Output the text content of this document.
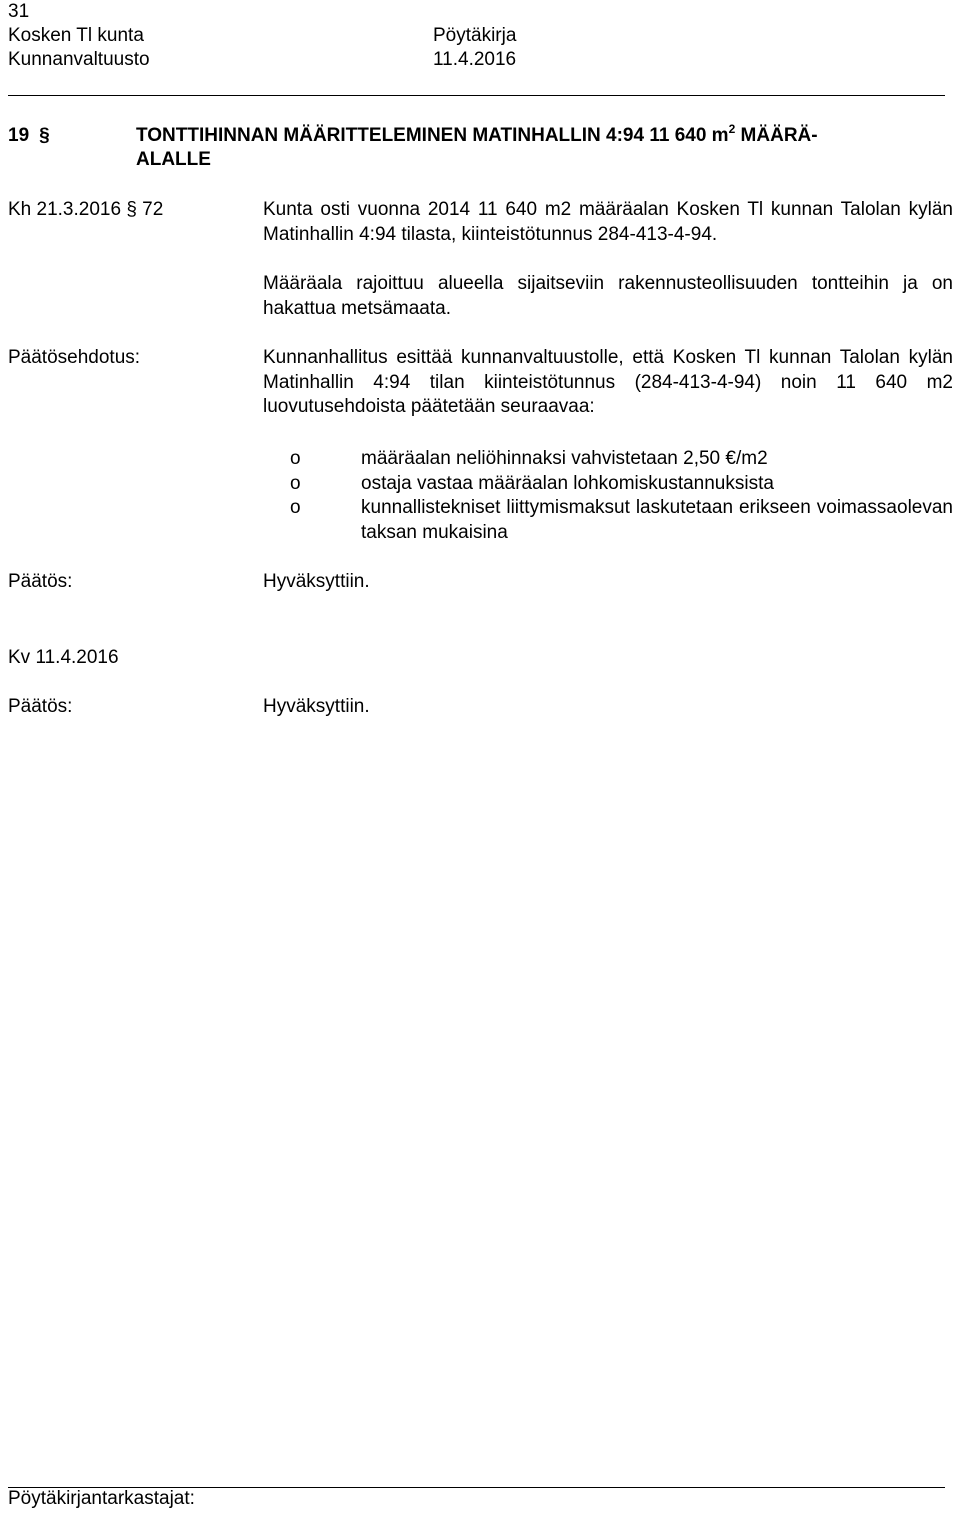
31
Kosken Tl kunta	Pöytäkirja
Kunnanvaltuusto	11.4.2016
19 §	TONTTIHINNAN MÄÄRITTELEMINEN MATINHALLIN 4:94 11 640 $m^2$ MÄÄRÄ-
ALALLE
Kh 21.3.2016 § 72	Kunta osti vuonna 2014 11 640 m2 määräalan Kosken Tl kunnan Talolan kylän Matinhallin 4:94 tilasta, kiinteistötunnus 284-413-4-94.
Määräala rajoittuu alueella sijaitseviin rakennusteollisuuden tontteihin ja on hakattua metsämaata.
Päätösehdotus:	Kunnanhallitus esittää kunnanvaltuustolle, että Kosken Tl kunnan Talolan kylän Matinhallin 4:94 tilan kiinteistötunnus (284-413-4-94) noin 11 640 m2 luovutusehdoista päätetään seuraavaa:
o	määräalan neliöhinnaksi vahvistetaan 2,50 €/m2
o	ostaja vastaa määräalan lohkomiskustannuksista
o	kunnallistekniset liittymismaksut laskutetaan erikseen voimassaolevan taksan mukaisina
Päätös:	Hyväksyttiin.
Kv 11.4.2016
Päätös:	Hyväksyttiin.
Pöytäkirjantarkastajat:
